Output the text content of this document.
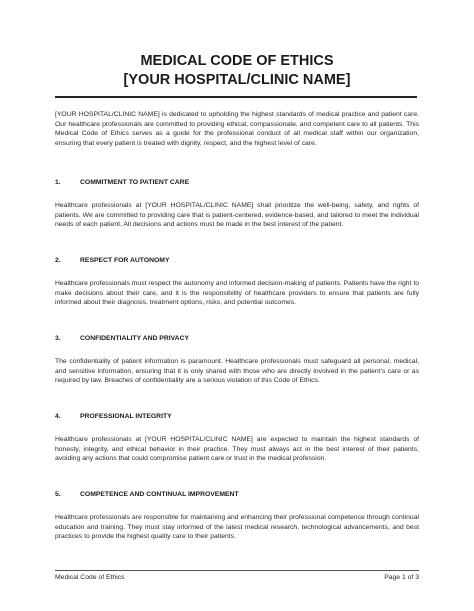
MEDICAL CODE OF ETHICS
[YOUR HOSPITAL/CLINIC NAME]
[YOUR HOSPITAL/CLINIC NAME] is dedicated to upholding the highest standards of medical practice and patient care. Our healthcare professionals are committed to providing ethical, compassionate, and competent care to all patients. This Medical Code of Ethics serves as a guide for the professional conduct of all medical staff within our organization, ensuring that every patient is treated with dignity, respect, and the highest level of care.
1.	COMMITMENT TO PATIENT CARE
Healthcare professionals at [YOUR HOSPITAL/CLINIC NAME] shall prioritize the well-being, safety, and rights of patients. We are committed to providing care that is patient-centered, evidence-based, and tailored to meet the individual needs of each patient. All decisions and actions must be made in the best interest of the patient.
2.	RESPECT FOR AUTONOMY
Healthcare professionals must respect the autonomy and informed decision-making of patients. Patients have the right to make decisions about their care, and it is the responsibility of healthcare providers to ensure that patients are fully informed about their diagnosis, treatment options, risks, and potential outcomes.
3.	CONFIDENTIALITY AND PRIVACY
The confidentiality of patient information is paramount. Healthcare professionals must safeguard all personal, medical, and sensitive information, ensuring that it is only shared with those who are directly involved in the patient’s care or as required by law. Breaches of confidentiality are a serious violation of this Code of Ethics.
4.	PROFESSIONAL INTEGRITY
Healthcare professionals at [YOUR HOSPITAL/CLINIC NAME] are expected to maintain the highest standards of honesty, integrity, and ethical behavior in their practice. They must always act in the best interest of their patients, avoiding any actions that could compromise patient care or trust in the medical profession.
5.	COMPETENCE AND CONTINUAL IMPROVEMENT
Healthcare professionals are responsible for maintaining and enhancing their professional competence through continual education and training. They must stay informed of the latest medical research, technological advancements, and best practices to provide the highest quality care to their patients.
Medical Code of Ethics	Page 1 of 3
